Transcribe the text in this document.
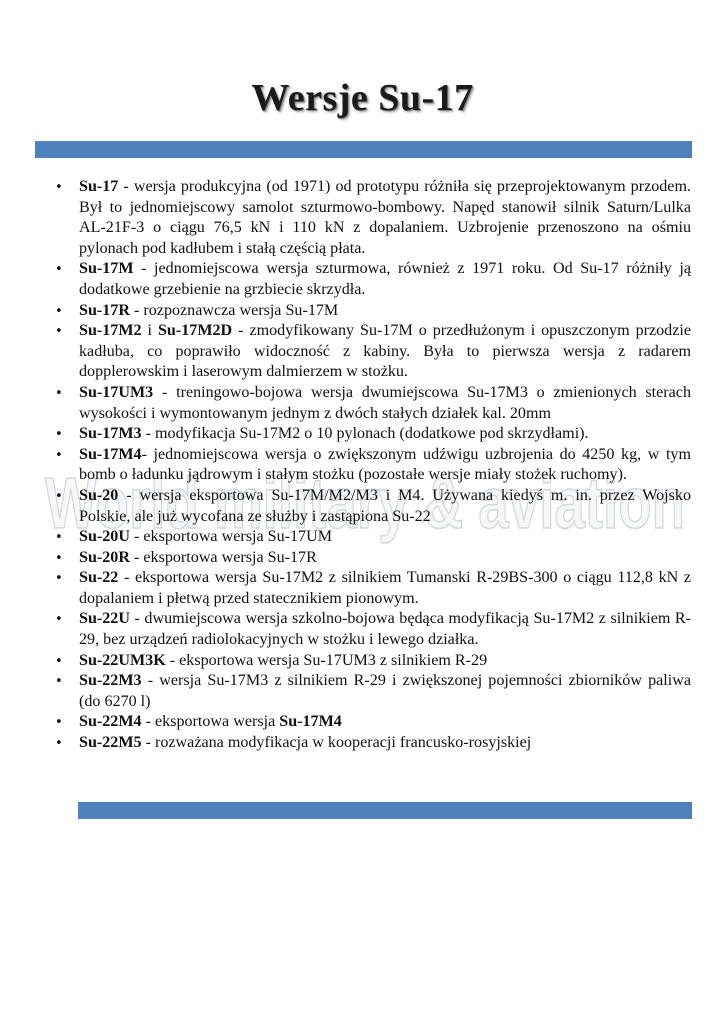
Wersje Su-17
World military & aviation
• Su-17 - wersja produkcyjna (od 1971) od prototypu różniła się przeprojektowanym przodem. Był to jednomiejscowy samolot szturmowo-bombowy. Napęd stanowił silnik Saturn/Lulka AL-21F-3 o ciągu 76,5 kN i 110 kN z dopalaniem. Uzbrojenie przenoszono na ośmiu pylonach pod kadłubem i stałą częścią płata.
• Su-17M - jednomiejscowa wersja szturmowa, również z 1971 roku. Od Su-17 różniły ją dodatkowe grzebienie na grzbiecie skrzydła.
• Su-17R - rozpoznawcza wersja Su-17M
• Su-17M2 i Su-17M2D - zmodyfikowany Su-17M o przedłużonym i opuszczonym przodzie kadłuba, co poprawiło widoczność z kabiny. Była to pierwsza wersja z radarem dopplerowskim i laserowym dalmierzem w stożku.
• Su-17UM3 - treningowo-bojowa wersja dwumiejscowa Su-17M3 o zmienionych sterach wysokości i wymontowanym jednym z dwóch stałych działek kal. 20mm
• Su-17M3 - modyfikacja Su-17M2 o 10 pylonach (dodatkowe pod skrzydłami).
• Su-17M4- jednomiejscowa wersja o zwiększonym udźwigu uzbrojenia do 4250 kg, w tym bomb o ładunku jądrowym i stałym stożku (pozostałe wersje miały stożek ruchomy).
• Su-20 - wersja eksportowa Su-17M/M2/M3 i M4. Używana kiedyś m. in. przez Wojsko Polskie, ale już wycofana ze służby i zastąpiona Su-22
• Su-20U - eksportowa wersja Su-17UM
• Su-20R - eksportowa wersja Su-17R
• Su-22 - eksportowa wersja Su-17M2 z silnikiem Tumanski R-29BS-300 o ciągu 112,8 kN z dopalaniem i płetwą przed statecznikiem pionowym.
• Su-22U - dwumiejscowa wersja szkolno-bojowa będąca modyfikacją Su-17M2 z silnikiem R-29, bez urządzeń radiolokacyjnych w stożku i lewego działka.
• Su-22UM3K - eksportowa wersja Su-17UM3 z silnikiem R-29
• Su-22M3 - wersja Su-17M3 z silnikiem R-29 i zwiększonej pojemności zbiorników paliwa (do 6270 l)
• Su-22M4 - eksportowa wersja Su-17M4
• Su-22M5 - rozważana modyfikacja w kooperacji francusko-rosyjskiej
